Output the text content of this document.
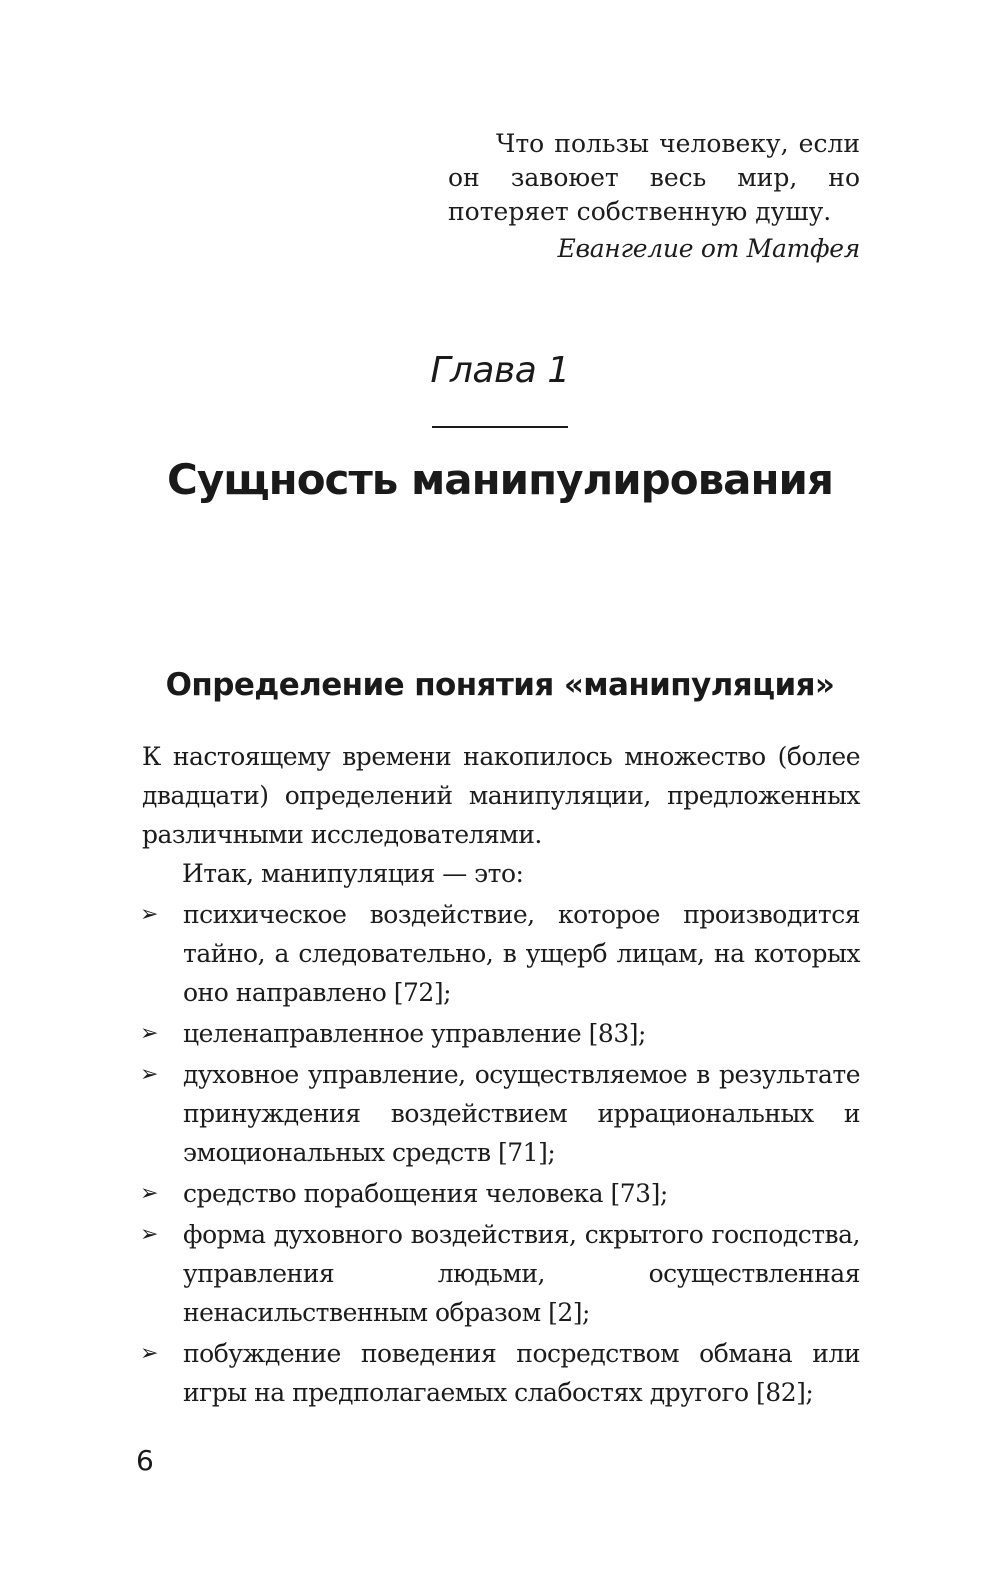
Что пользы человеку, если он завоюет весь мир, но потеряет собственную душу.
Евангелие от Матфея
Глава 1
Сущность манипулирования
Определение понятия «манипуляция»

К настоящему времени накопилось множество (более двадцати) определений манипуляции, предложенных различными исследователями.

Итак, манипуляция — это:

➢ психическое воздействие, которое производится тайно, а следовательно, в ущерб лицам, на которых оно направлено [72];
➢ целенаправленное управление [83];
➢ духовное управление, осуществляемое в результате принуждения воздействием иррациональных и эмоциональных средств [71];
➢ средство порабощения человека [73];
➢ форма духовного воздействия, скрытого господства, управления людьми, осуществленная ненасильственным образом [2];
➢ побуждение поведения посредством обмана или игры на предполагаемых слабостях другого [82];
6
